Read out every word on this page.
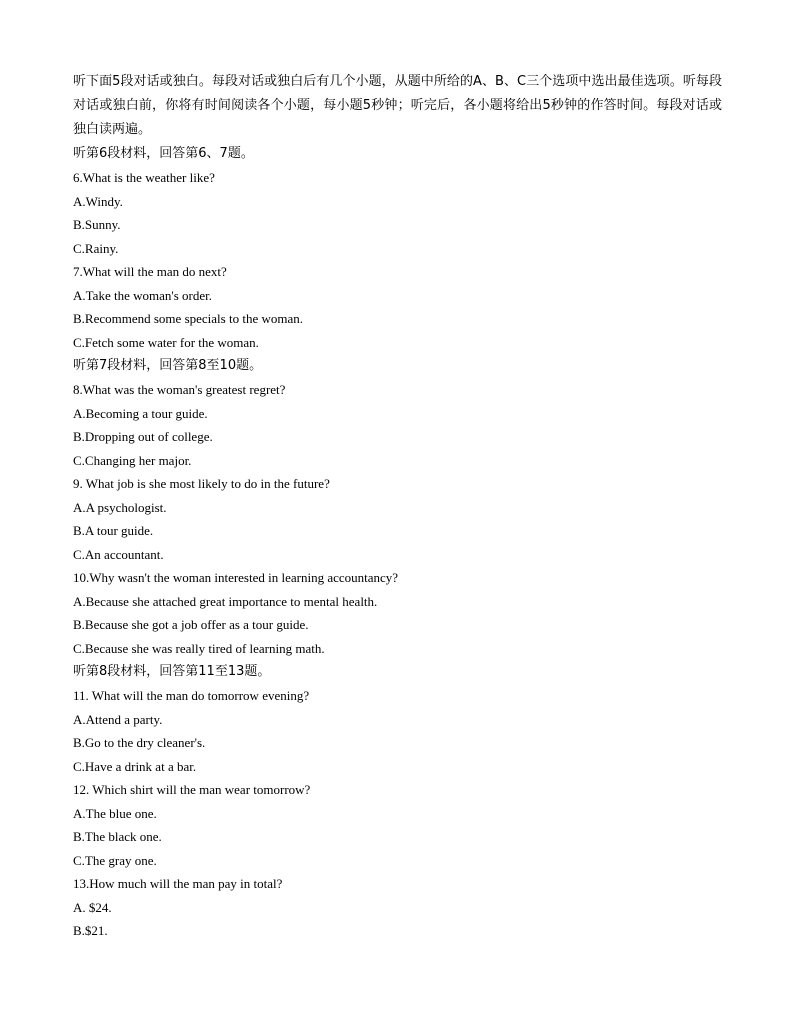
听下面5段对话或独白。每段对话或独白后有几个小题，从题中所给的A、B、C三个选项中选出最佳选项。听每段对话或独白前，你将有时间阅读各个小题，每小题5秒钟；听完后，各小题将给出5秒钟的作答时间。每段对话或独白读两遍。

听第6段材料，回答第6、7题。

6.What is the weather like?

A.Windy.

B.Sunny.

C.Rainy.

7.What will the man do next?

A.Take the woman's order.

B.Recommend some specials to the woman.

C.Fetch some water for the woman.

听第7段材料，回答第8至10题。

8.What was the woman's greatest regret?

A.Becoming a tour guide.

B.Dropping out of college.

C.Changing her major.

9. What job is she most likely to do in the future?

A.A psychologist.

B.A tour guide.

C.An accountant.

10.Why wasn't the woman interested in learning accountancy?

A.Because she attached great importance to mental health.

B.Because she got a job offer as a tour guide.

C.Because she was really tired of learning math.

听第8段材料，回答第11至13题。

11. What will the man do tomorrow evening?

A.Attend a party.

B.Go to the dry cleaner's.

C.Have a drink at a bar.

12. Which shirt will the man wear tomorrow?

A.The blue one.

B.The black one.

C.The gray one.

13.How much will the man pay in total?

A. $24.

B.$21.
